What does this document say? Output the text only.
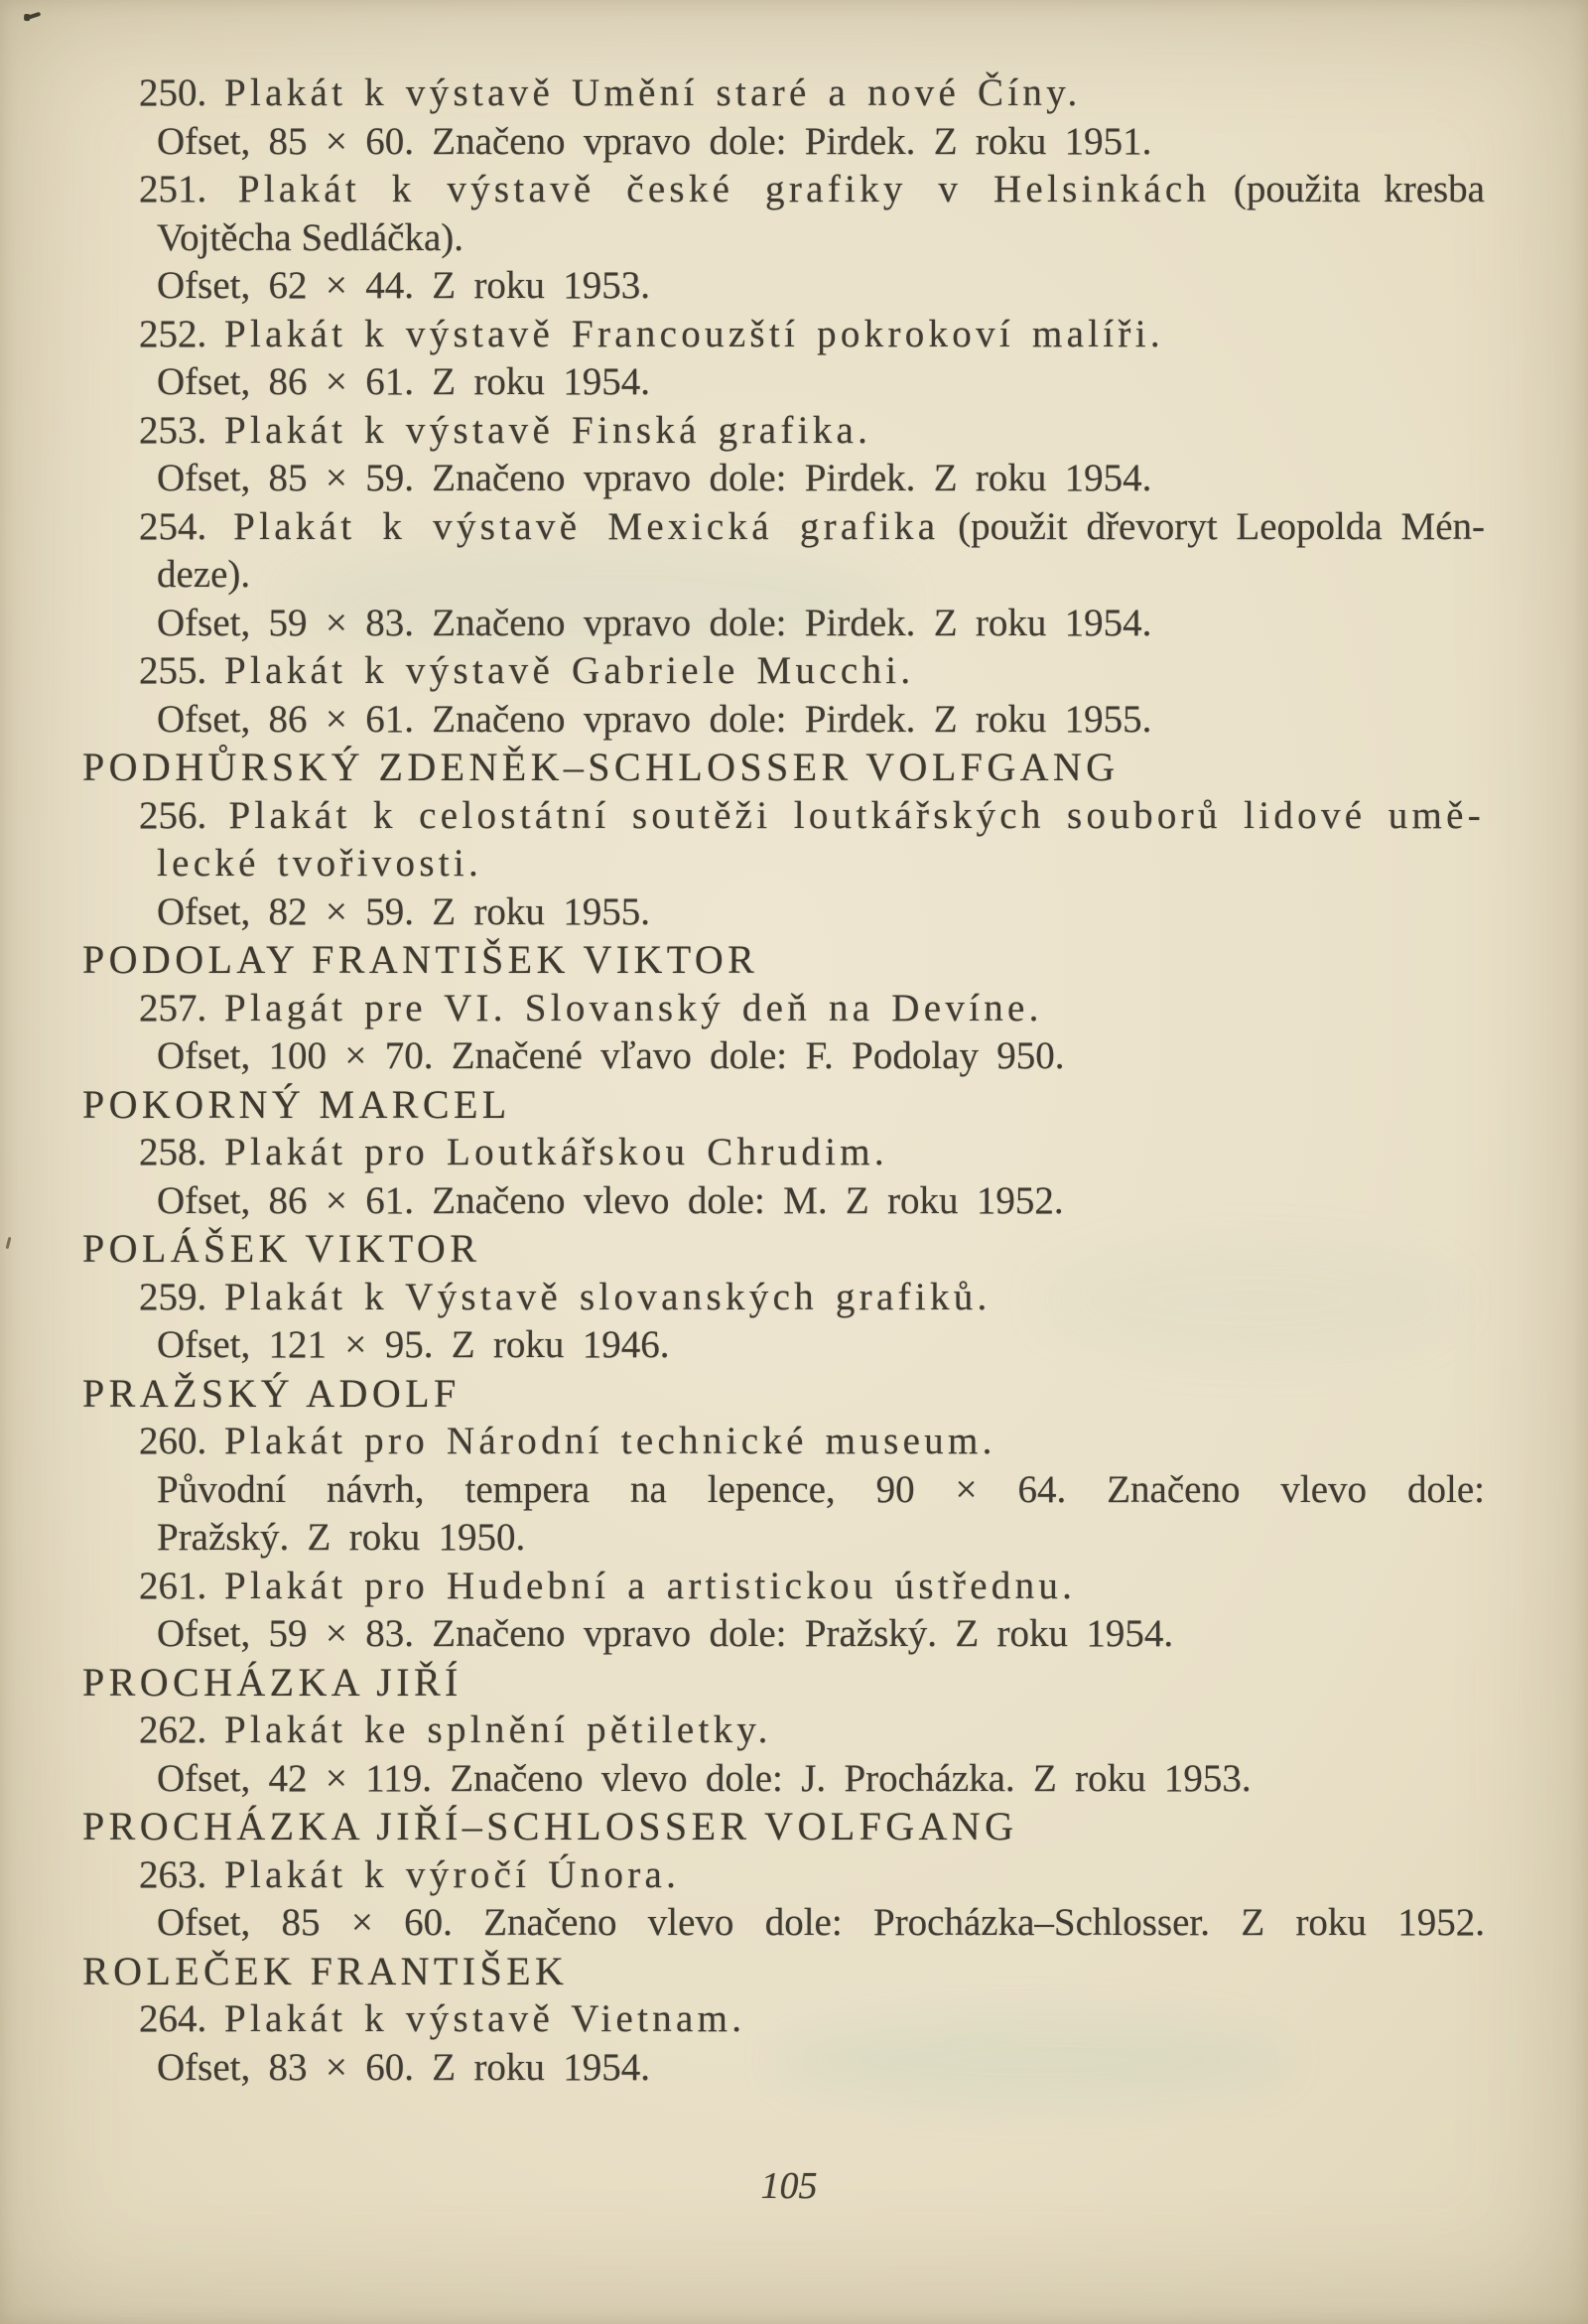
250. Plakát k výstavě Umění staré a nové Číny.
Ofset, 85 × 60. Značeno vpravo dole: Pirdek. Z roku 1951.
251. Plakát k výstavě české grafiky v Helsinkách (použita kresba
Vojtěcha Sedláčka).
Ofset, 62 × 44. Z roku 1953.
252. Plakát k výstavě Francouzští pokrokoví malíři.
Ofset, 86 × 61. Z roku 1954.
253. Plakát k výstavě Finská grafika.
Ofset, 85 × 59. Značeno vpravo dole: Pirdek. Z roku 1954.
254. Plakát k výstavě Mexická grafika (použit dřevoryt Leopolda Mén-
deze).
Ofset, 59 × 83. Značeno vpravo dole: Pirdek. Z roku 1954.
255. Plakát k výstavě Gabriele Mucchi.
Ofset, 86 × 61. Značeno vpravo dole: Pirdek. Z roku 1955.
PODHŮRSKÝ ZDENĚK–SCHLOSSER VOLFGANG
256. Plakát k celostátní soutěži loutkářských souborů lidové umě-
lecké tvořivosti.
Ofset, 82 × 59. Z roku 1955.
PODOLAY FRANTIŠEK VIKTOR
257. Plagát pre VI. Slovanský deň na Devíne.
Ofset, 100 × 70. Značené vľavo dole: F. Podolay 950.
POKORNÝ MARCEL
258. Plakát pro Loutkářskou Chrudim.
Ofset, 86 × 61. Značeno vlevo dole: M. Z roku 1952.
POLÁŠEK VIKTOR
259. Plakát k Výstavě slovanských grafiků.
Ofset, 121 × 95. Z roku 1946.
PRAŽSKÝ ADOLF
260. Plakát pro Národní technické museum.
Původní návrh, tempera na lepence, 90 × 64. Značeno vlevo dole:
Pražský. Z roku 1950.
261. Plakát pro Hudební a artistickou ústřednu.
Ofset, 59 × 83. Značeno vpravo dole: Pražský. Z roku 1954.
PROCHÁZKA JIŘÍ
262. Plakát ke splnění pětiletky.
Ofset, 42 × 119. Značeno vlevo dole: J. Procházka. Z roku 1953.
PROCHÁZKA JIŘÍ–SCHLOSSER VOLFGANG
263. Plakát k výročí Února.
Ofset, 85 × 60. Značeno vlevo dole: Procházka–Schlosser. Z roku 1952.
ROLEČEK FRANTIŠEK
264. Plakát k výstavě Vietnam.
Ofset, 83 × 60. Z roku 1954.
105
